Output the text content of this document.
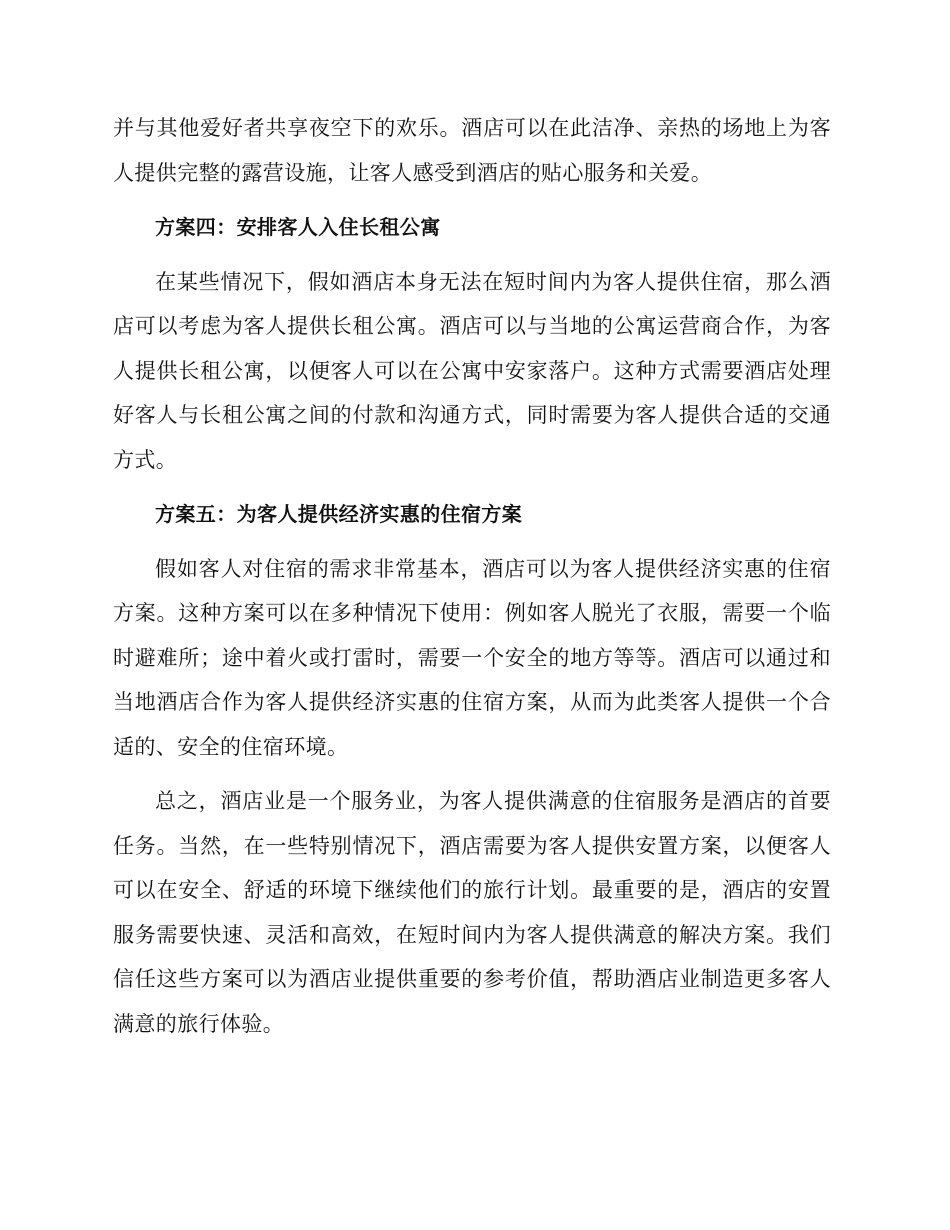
并与其他爱好者共享夜空下的欢乐。酒店可以在此洁净、亲热的场地上为客人提供完整的露营设施，让客人感受到酒店的贴心服务和关爱。

方案四：安排客人入住长租公寓

在某些情况下，假如酒店本身无法在短时间内为客人提供住宿，那么酒店可以考虑为客人提供长租公寓。酒店可以与当地的公寓运营商合作，为客人提供长租公寓，以便客人可以在公寓中安家落户。这种方式需要酒店处理好客人与长租公寓之间的付款和沟通方式，同时需要为客人提供合适的交通方式。

方案五：为客人提供经济实惠的住宿方案

假如客人对住宿的需求非常基本，酒店可以为客人提供经济实惠的住宿方案。这种方案可以在多种情况下使用：例如客人脱光了衣服，需要一个临时避难所；途中着火或打雷时，需要一个安全的地方等等。酒店可以通过和当地酒店合作为客人提供经济实惠的住宿方案，从而为此类客人提供一个合适的、安全的住宿环境。

总之，酒店业是一个服务业，为客人提供满意的住宿服务是酒店的首要任务。当然，在一些特别情况下，酒店需要为客人提供安置方案，以便客人可以在安全、舒适的环境下继续他们的旅行计划。最重要的是，酒店的安置服务需要快速、灵活和高效，在短时间内为客人提供满意的解决方案。我们信任这些方案可以为酒店业提供重要的参考价值，帮助酒店业制造更多客人满意的旅行体验。
